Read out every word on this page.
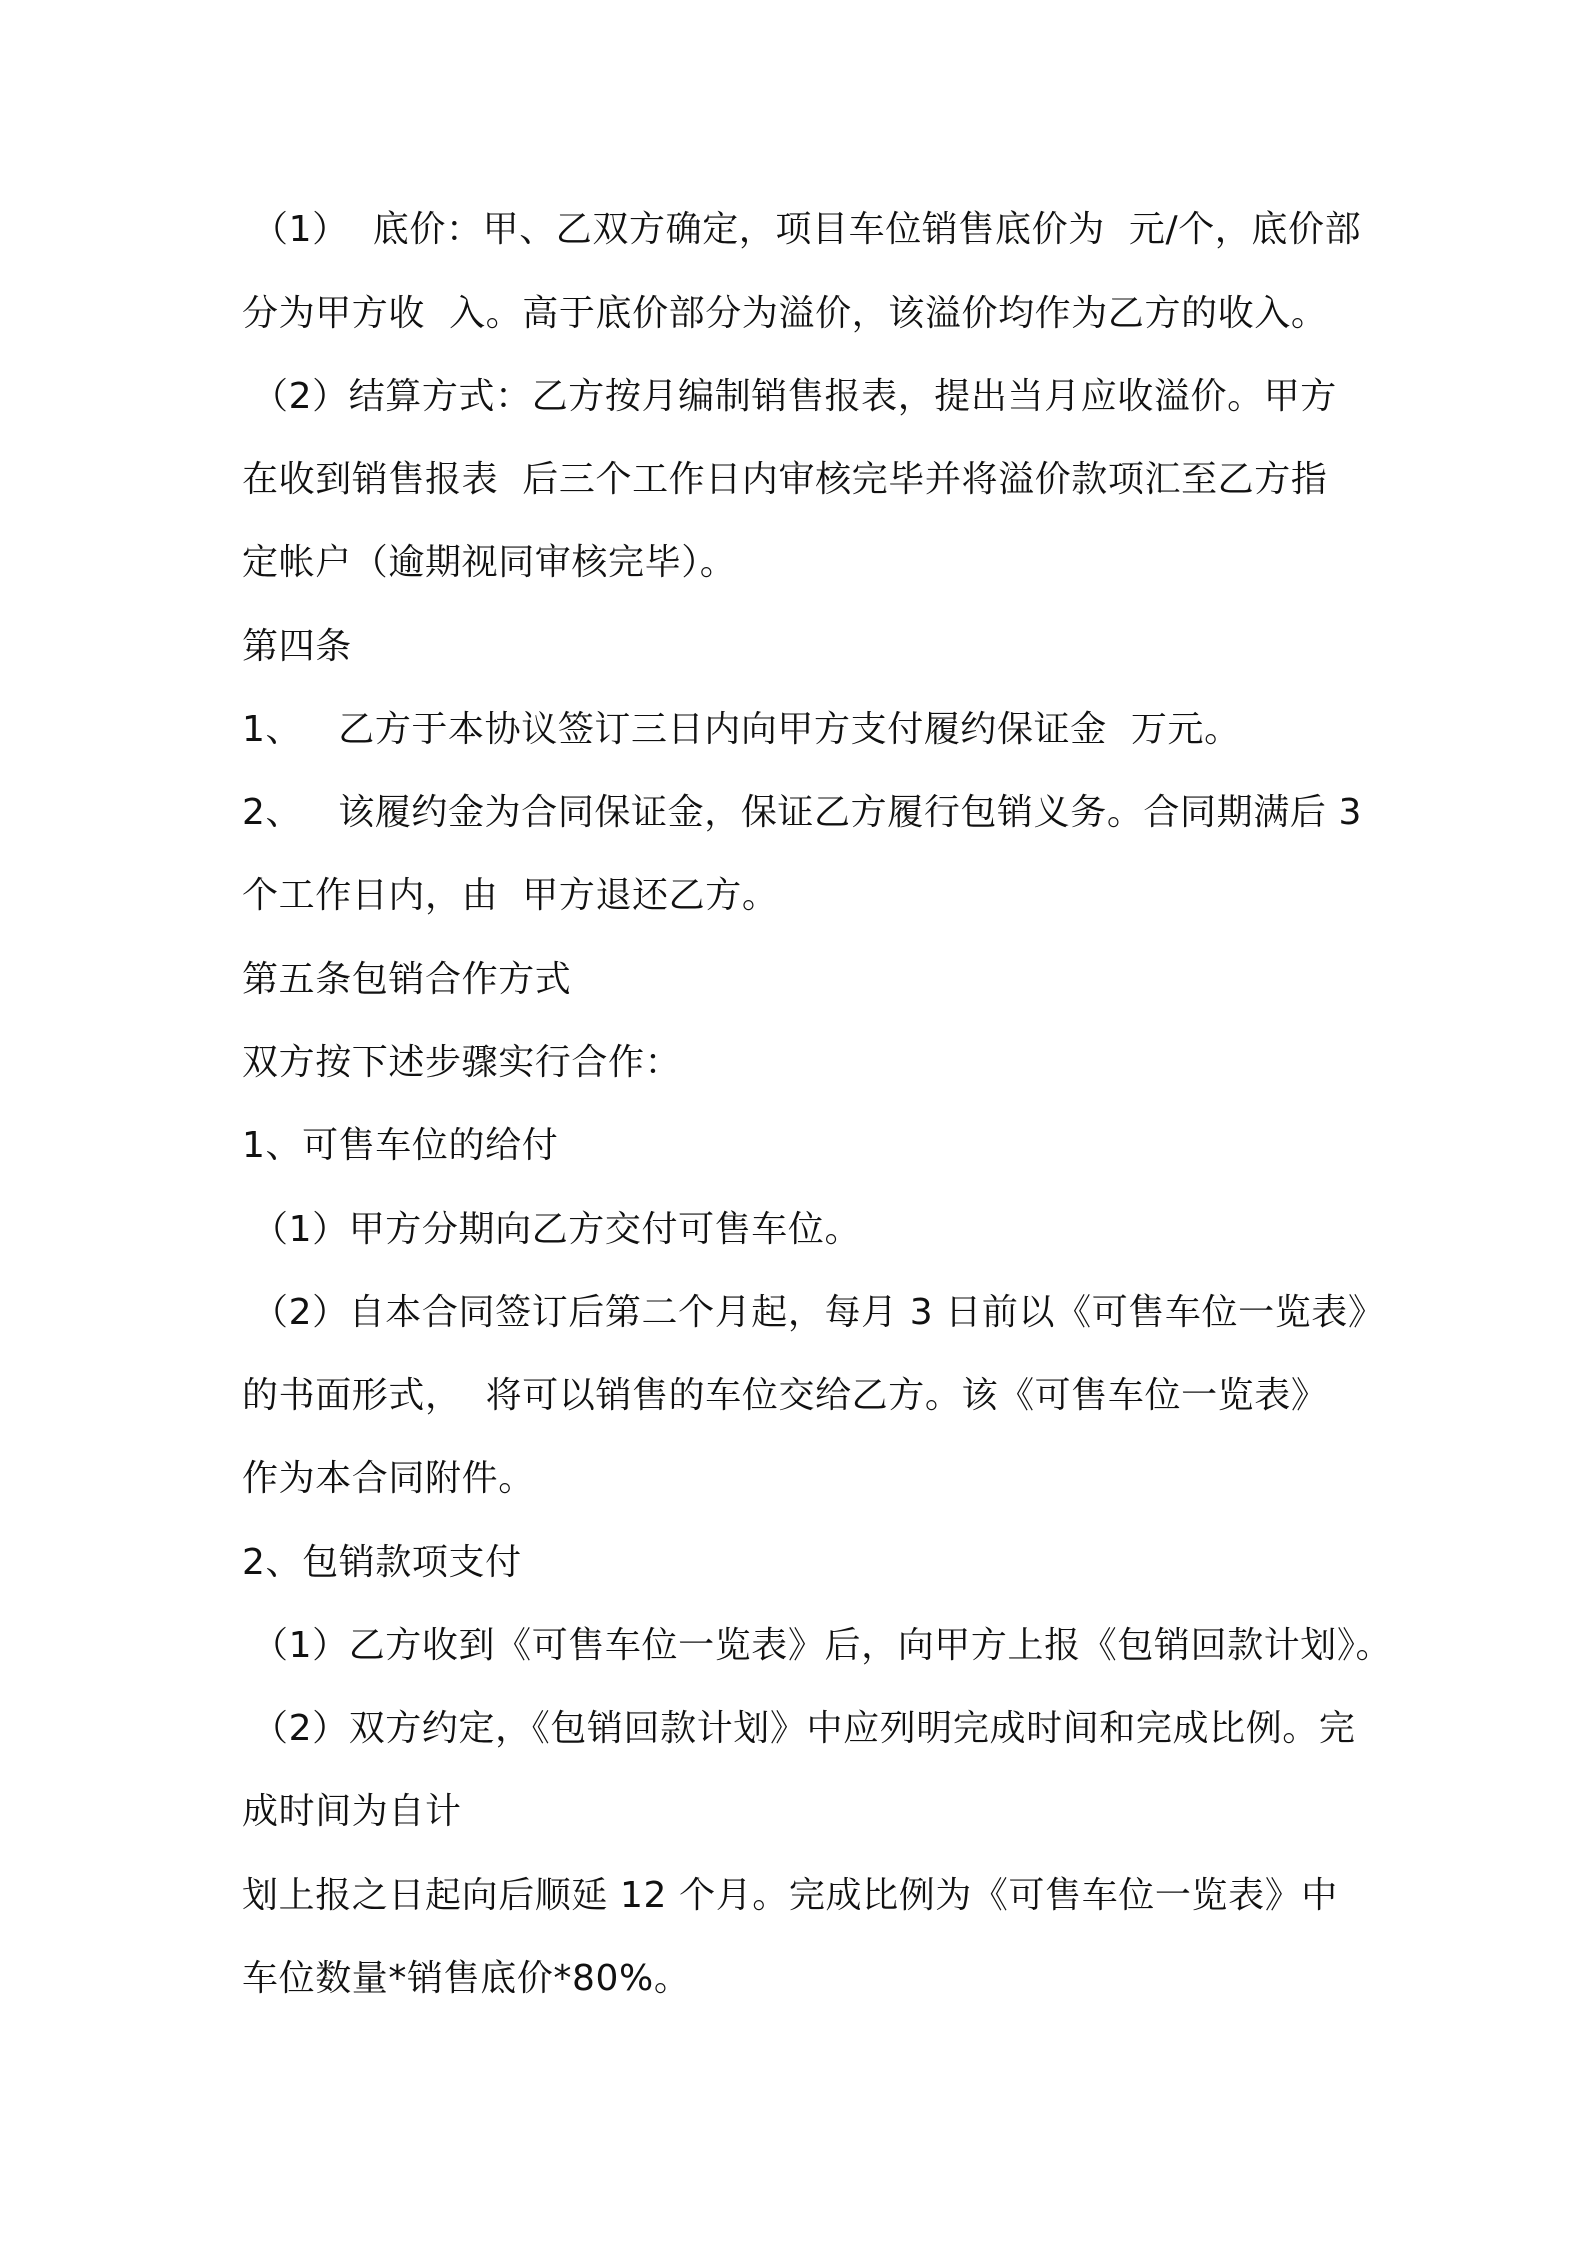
（1）  底价：甲、乙双方确定，项目车位销售底价为  元/个，底价部
分为甲方收  入。高于底价部分为溢价，该溢价均作为乙方的收入。
（2）结算方式：乙方按月编制销售报表，提出当月应收溢价。甲方
在收到销售报表  后三个工作日内审核完毕并将溢价款项汇至乙方指
定帐户（逾期视同审核完毕）。
第四条
1、   乙方于本协议签订三日内向甲方支付履约保证金  万元。
2、   该履约金为合同保证金，保证乙方履行包销义务。合同期满后 3
个工作日内，由  甲方退还乙方。
第五条包销合作方式
双方按下述步骤实行合作：
1、可售车位的给付
（1）甲方分期向乙方交付可售车位。
（2）自本合同签订后第二个月起，每月 3 日前以《可售车位一览表》
的书面形式，  将可以销售的车位交给乙方。该《可售车位一览表》
作为本合同附件。
2、包销款项支付
（1）乙方收到《可售车位一览表》后，向甲方上报《包销回款计划》。
（2）双方约定，《包销回款计划》中应列明完成时间和完成比例。完
成时间为自计
划上报之日起向后顺延 12 个月。完成比例为《可售车位一览表》中
车位数量*销售底价*80%。
